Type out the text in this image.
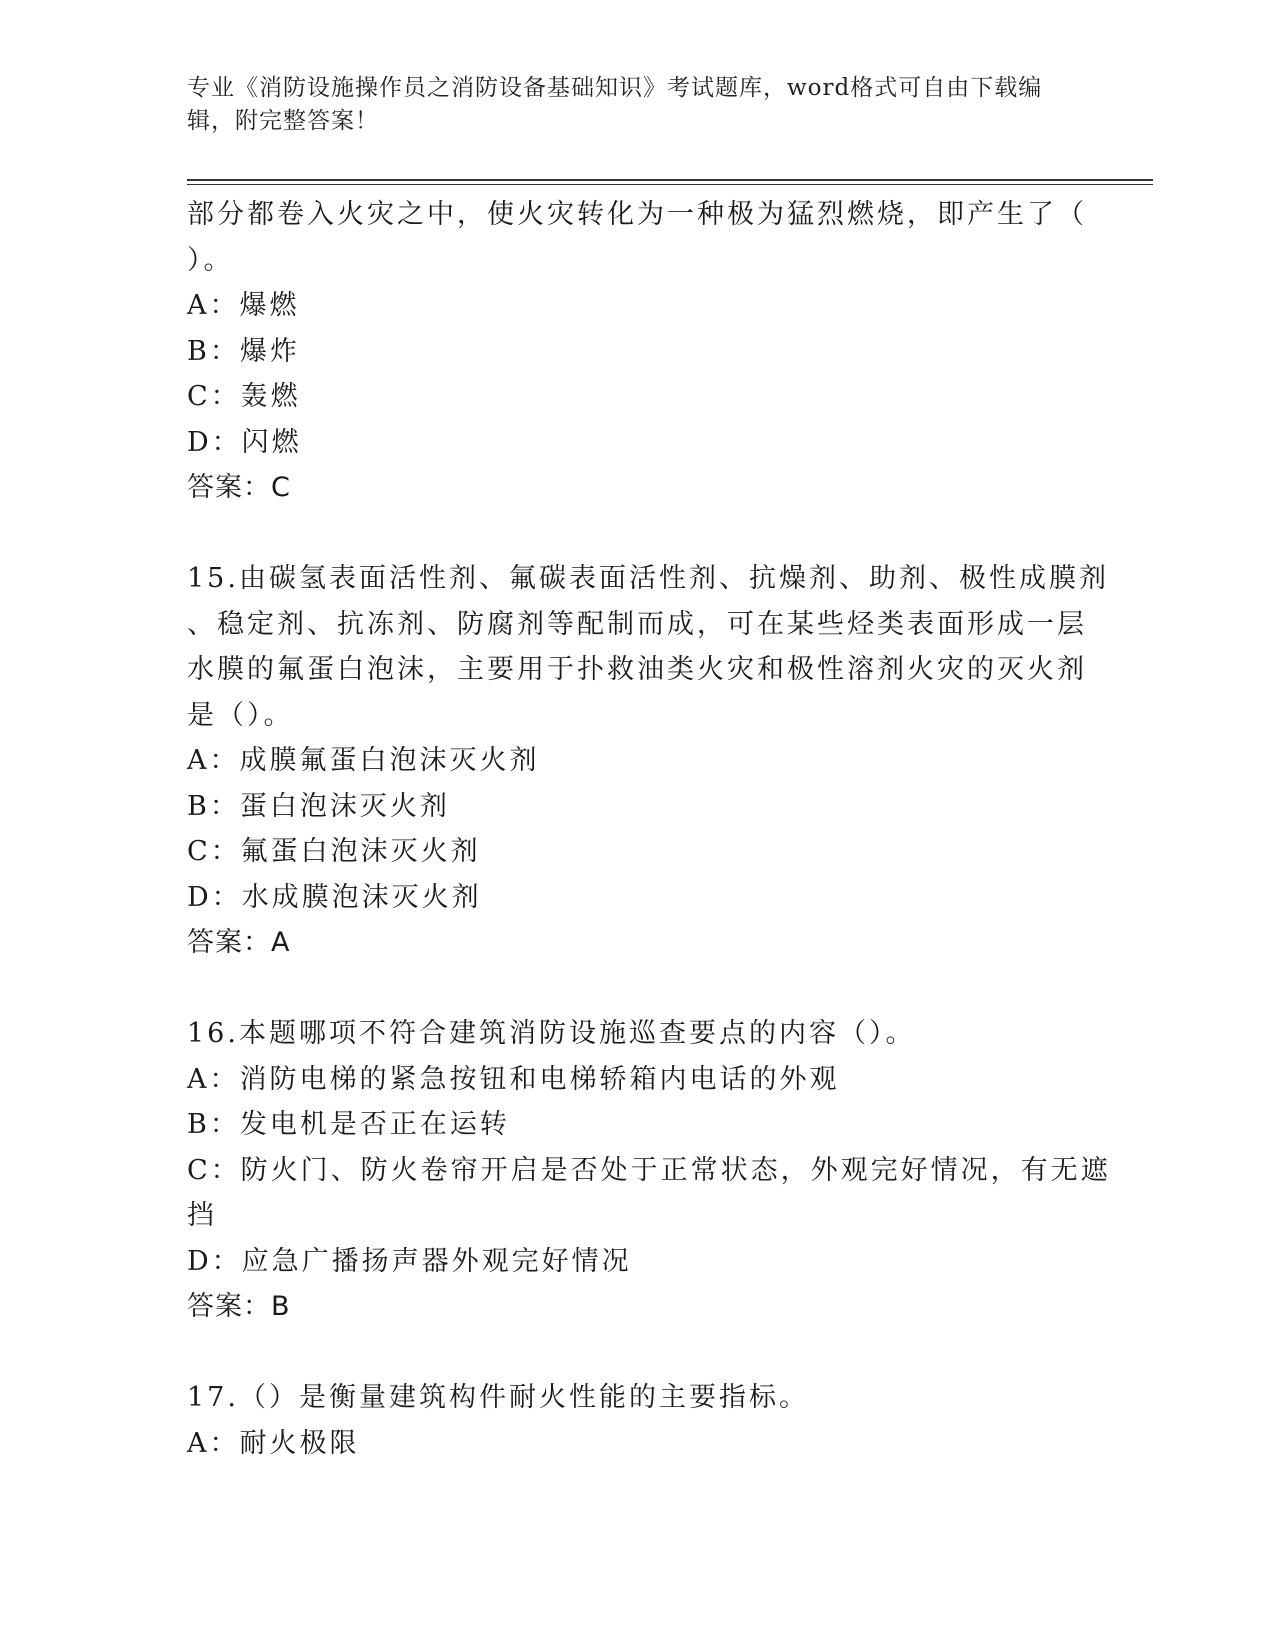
专业《消防设施操作员之消防设备基础知识》考试题库，word格式可自由下载编
辑，附完整答案！
部分都卷入火灾之中，使火灾转化为一种极为猛烈燃烧，即产生了（
）。
A：爆燃
B：爆炸
C：轰燃
D：闪燃
答案：C
15.由碳氢表面活性剂、氟碳表面活性剂、抗燥剂、助剂、极性成膜剂
、稳定剂、抗冻剂、防腐剂等配制而成，可在某些烃类表面形成一层
水膜的氟蛋白泡沫，主要用于扑救油类火灾和极性溶剂火灾的灭火剂
是（）。
A：成膜氟蛋白泡沫灭火剂
B：蛋白泡沫灭火剂
C：氟蛋白泡沫灭火剂
D：水成膜泡沫灭火剂
答案：A
16.本题哪项不符合建筑消防设施巡查要点的内容（）。
A：消防电梯的紧急按钮和电梯轿箱内电话的外观
B：发电机是否正在运转
C：防火门、防火卷帘开启是否处于正常状态，外观完好情况，有无遮
挡
D：应急广播扬声器外观完好情况
答案：B
17.（）是衡量建筑构件耐火性能的主要指标。
A：耐火极限
